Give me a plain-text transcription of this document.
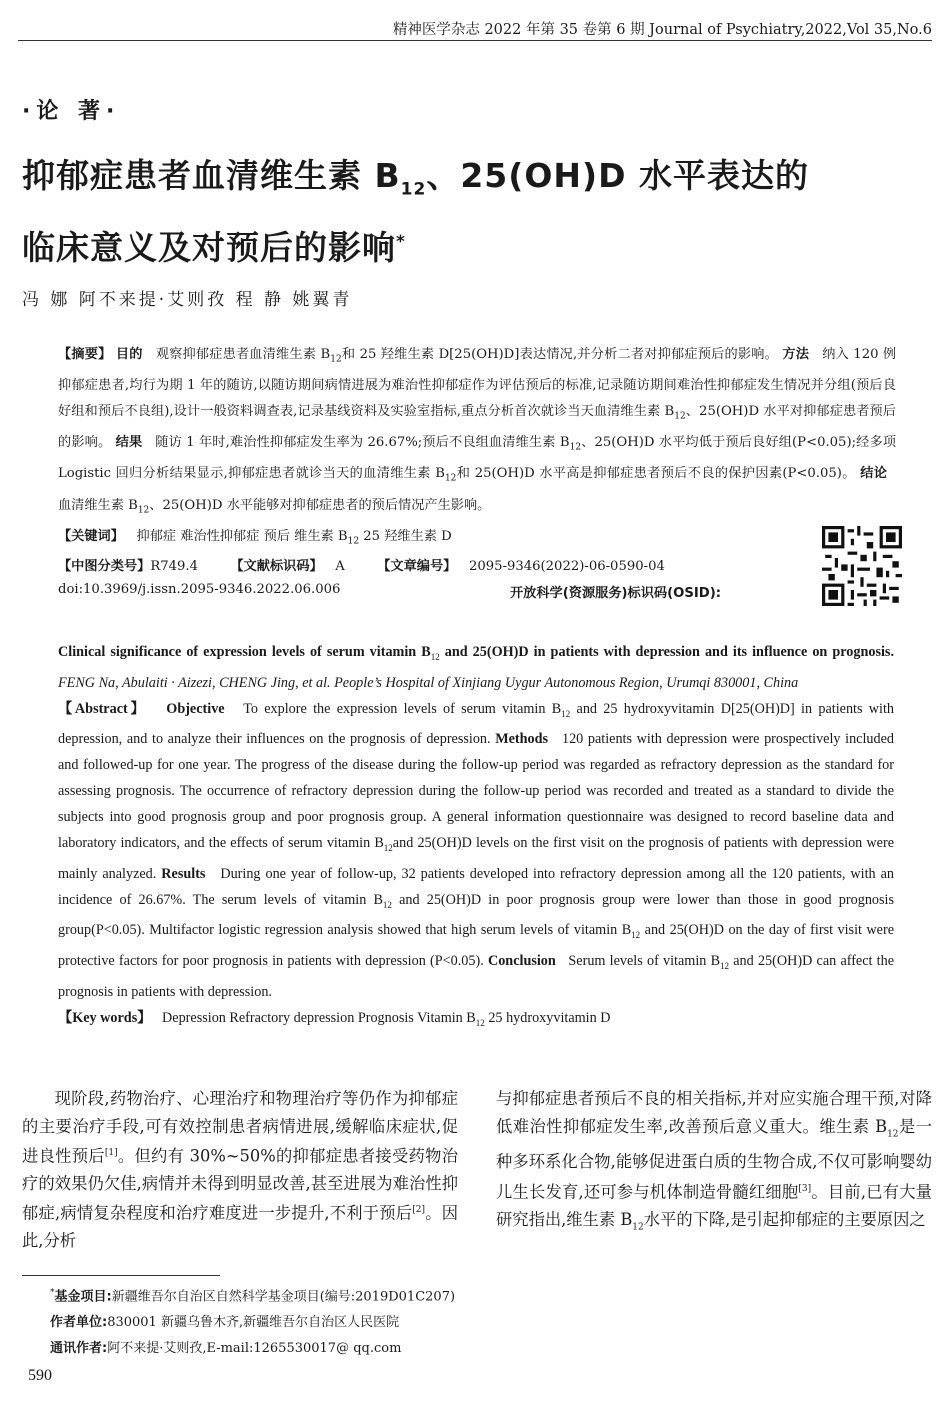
精神医学杂志 2022 年第 35 卷第 6 期 Journal of Psychiatry,2022,Vol 35,No.6
·论 著·
抑郁症患者血清维生素 $B_{12}$、25(OH)D 水平表达的
临床意义及对预后的影响*
冯 娜 阿不来提·艾则孜 程 静 姚翼青
【摘要】 目的 观察抑郁症患者血清维生素 $B_{12}$和 25 羟维生素 D[25(OH)D]表达情况,并分析二者对抑郁症预后的影响。 方法 纳入 120 例抑郁症患者,均行为期 1 年的随访,以随访期间病情进展为难治性抑郁症作为评估预后的标准,记录随访期间难治性抑郁症发生情况并分组(预后良好组和预后不良组),设计一般资料调查表,记录基线资料及实验室指标,重点分析首次就诊当天血清维生素 $B_{12}$、25(OH)D 水平对抑郁症患者预后的影响。 结果 随访 1 年时,难治性抑郁症发生率为 26.67%;预后不良组血清维生素 $B_{12}$、25(OH)D 水平均低于预后良好组(P<0.05);经多项 Logistic 回归分析结果显示,抑郁症患者就诊当天的血清维生素 $B_{12}$和 25(OH)D 水平高是抑郁症患者预后不良的保护因素(P<0.05)。 结论   血清维生素 $B_{12}$、25(OH)D 水平能够对抑郁症患者的预后情况产生影响。
【关键词】 抑郁症 难治性抑郁症 预后 维生素 $B_{12}$ 25 羟维生素 D
【中图分类号】R749.4 【文献标识码】 A 【文章编号】 2095-9346(2022)-06-0590-04
doi:10.3969/j.issn.2095-9346.2022.06.006	开放科学(资源服务)标识码(OSID):
Clinical significance of expression levels of serum vitamin $B_{12}$ and 25(OH)D in patients with depression and its influence on prognosis. FENG Na, Abulaiti · Aizezi, CHENG Jing, et al. People’s Hospital of Xinjiang Uygur Autonomous Region, Urumqi 830001, China
【Abstract】 Objective To explore the expression levels of serum vitamin $B_{12}$ and 25 hydroxyvitamin D[25(OH)D] in patients with depression, and to analyze their influences on the prognosis of depression. Methods 120 patients with depression were prospectively included and followed-up for one year. The progress of the disease during the follow-up period was regarded as refractory depression as the standard for assessing prognosis. The occurrence of refractory depression during the follow-up period was recorded and treated as a standard to divide the subjects into good prognosis group and poor prognosis group. A general information questionnaire was designed to record baseline data and laboratory indicators, and the effects of serum vitamin $B_{12}and$ 25(OH)D levels on the first visit on the prognosis of patients with depression were mainly analyzed. Results During one year of follow-up, 32 patients developed into refractory depression among all the 120 patients, with an incidence of 26.67%. The serum levels of vitamin $B_{12}$ and 25(OH)D in poor prognosis group were lower than those in good prognosis group(P<0.05). Multifactor logistic regression analysis showed that high serum levels of vitamin $B_{12}$ and 25(OH)D on the day of first visit were protective factors for poor prognosis in patients with depression (P<0.05). Conclusion Serum levels of vitamin $B_{12}$ and 25(OH)D can affect the prognosis in patients with depression.
【Key words】 Depression Refractory depression Prognosis Vitamin $B_{12}$ 25 hydroxyvitamin D
现阶段,药物治疗、心理治疗和物理治疗等仍作为抑郁症的主要治疗手段,可有效控制患者病情进展,缓解临床症状,促进良性预后[1]。但约有 30%~50%的抑郁症患者接受药物治疗的效果仍欠佳,病情并未得到明显改善,甚至进展为难治性抑郁症,病情复杂程度和治疗难度进一步提升,不利于预后[2]。因此,分析
与抑郁症患者预后不良的相关指标,并对应实施合理干预,对降低难治性抑郁症发生率,改善预后意义重大。维生素 $B_{12}$是一种多环系化合物,能够促进蛋白质的生物合成,不仅可影响婴幼儿生长发育,还可参与机体制造骨髓红细胞[3]。目前,已有大量研究指出,维生素 $B_{12}$水平的下降,是引起抑郁症的主要原因之
*基金项目:新疆维吾尔自治区自然科学基金项目(编号:2019D01C207)
作者单位:830001 新疆乌鲁木齐,新疆维吾尔自治区人民医院
通讯作者:阿不来提·艾则孜,E-mail:1265530017@ qq.com
590
